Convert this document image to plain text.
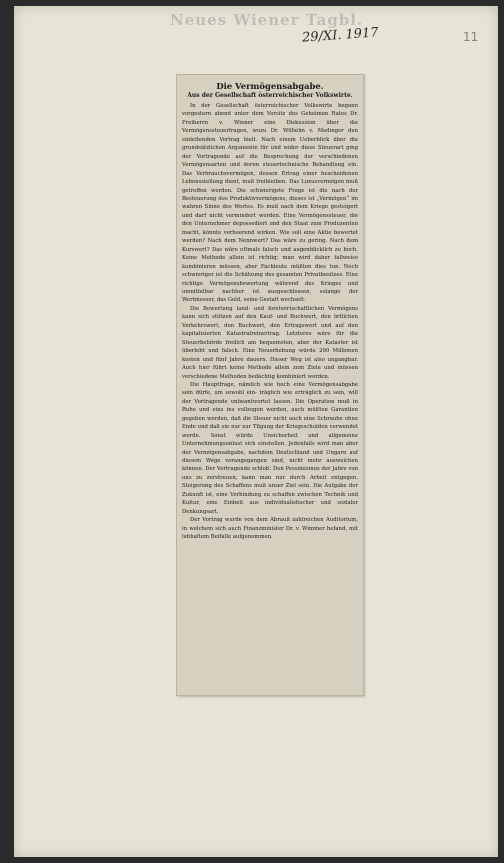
Neues Wiener Tagbl.
29/XI. 1917	11
Die Vermögensabgabe.
Aus der Gesellschaft österreichischer Volkswirte.

In der Gesellschaft österreichischer Volkswirte begann vorgestern abend unter dem Vorsitz des Geheimen Rates Dr. Freiherrn v. Wiener eine Diskussion über die Vermögenssteuerfragen, wozu Dr. Wilhelm v. Medinger den einleitenden Vortrag hielt. Nach einem Ueberblick über die grundsätzlichen Argumente für und wider diese Steuerart ging der Vortragende auf die Besprechung der verschiedenen Vermögensarten und deren steuertechnische Behandlung ein. Das Verbrauchsvermögen, dessen Ertrag einer bescheidenen Lebensstellung dient, muß freibleiben. Das Luxusvermögen muß getroffen werden. Die schwierigste Frage ist die nach der Besteuerung des Produktivvermögens, dieses ist „Vermögen“ im wahren Sinne des Wortes. Es muß nach dem Kriege gesteigert und darf nicht vermindert werden. Eine Vermögenssteuer, die den Unternehmer depossediert und den Staat zum Produzenten macht, könnte verheerend wirken. Wie soll eine Aktie bewertet werden? Nach dem Nennwert? Das wäre zu gering. Nach dem Kurswert? Das wäre oftmals falsch und augenblicklich zu hoch. Keine Methode allein ist richtig; man wird daher fallweise kombinieren müssen, aber Fachleute müßten dies tun. Noch schwieriger ist die Schätzung des gesamten Privatbesitzes. Eine richtige Vermögensbewertung während des Krieges und unmittelbar nachher ist ausgeschlossen, solange der Wertmesser, das Geld, seine Gestalt wechselt.

Die Bewertung land- und forstwirtschaftlichen Vermögens kann sich stützen auf den Kauf- und Buchwert, den örtlichen Verkehrswert, den Buchwert, den Ertragswert und auf den kapitalisierten Katastralreinertrag. Letzteres wäre für die Steuerbehörde freilich am bequemsten, aber der Kataster ist überlebt und falsch. Eine Neuerhebung würde 200 Millionen kosten und fünf Jahre dauern. Dieser Weg ist also ungangbar. Auch hier führt keine Methode allein zum Ziele und müssen verschiedene Methoden bedächtig kombiniert werden.

Die Hauptfrage, nämlich wie hoch eine Vermögensabgabe sein dürfe, um sowohl ein- träglich wie erträglich zu sein, will der Vortragende unbeantwortet lassen. Die Operation muß in Ruhe und eins ins vollzogen werden, auch müßten Garantien gegeben werden, daß die Steuer nicht auch eine Schraube ohne Ende und daß sie nur zur Tilgung der Kriegsschulden verwendet werde. Sonst würde Unsicherheit und allgemeine Unternehmungsunlust sich einstellen. Jedenfalls wird man aber der Vermögensabgabe, nachdem Deutschland und Ungarn auf diesem Wege vorangegangen sind, nicht mehr ausweichen können. Der Vortragende schloß: Den Pessimismus der Jahre von uns zu zerstreuen, kann man nur durch Arbeit entgegen. Steigerung des Schaffens muß unser Ziel sein. Die Aufgabe der Zukunft ist, eine Verbindung zu schaffen zwischen Technik und Kultur, eine Einheit aus individualistischer und sozialer Denkungsart.

Der Vortrag wurde von dem Abrauß zahlreichen Auditorium, in welchem sich auch Finanzminister Dr. v. Wimmer befand, mit lebhaftem Beifalle aufgenommen.
